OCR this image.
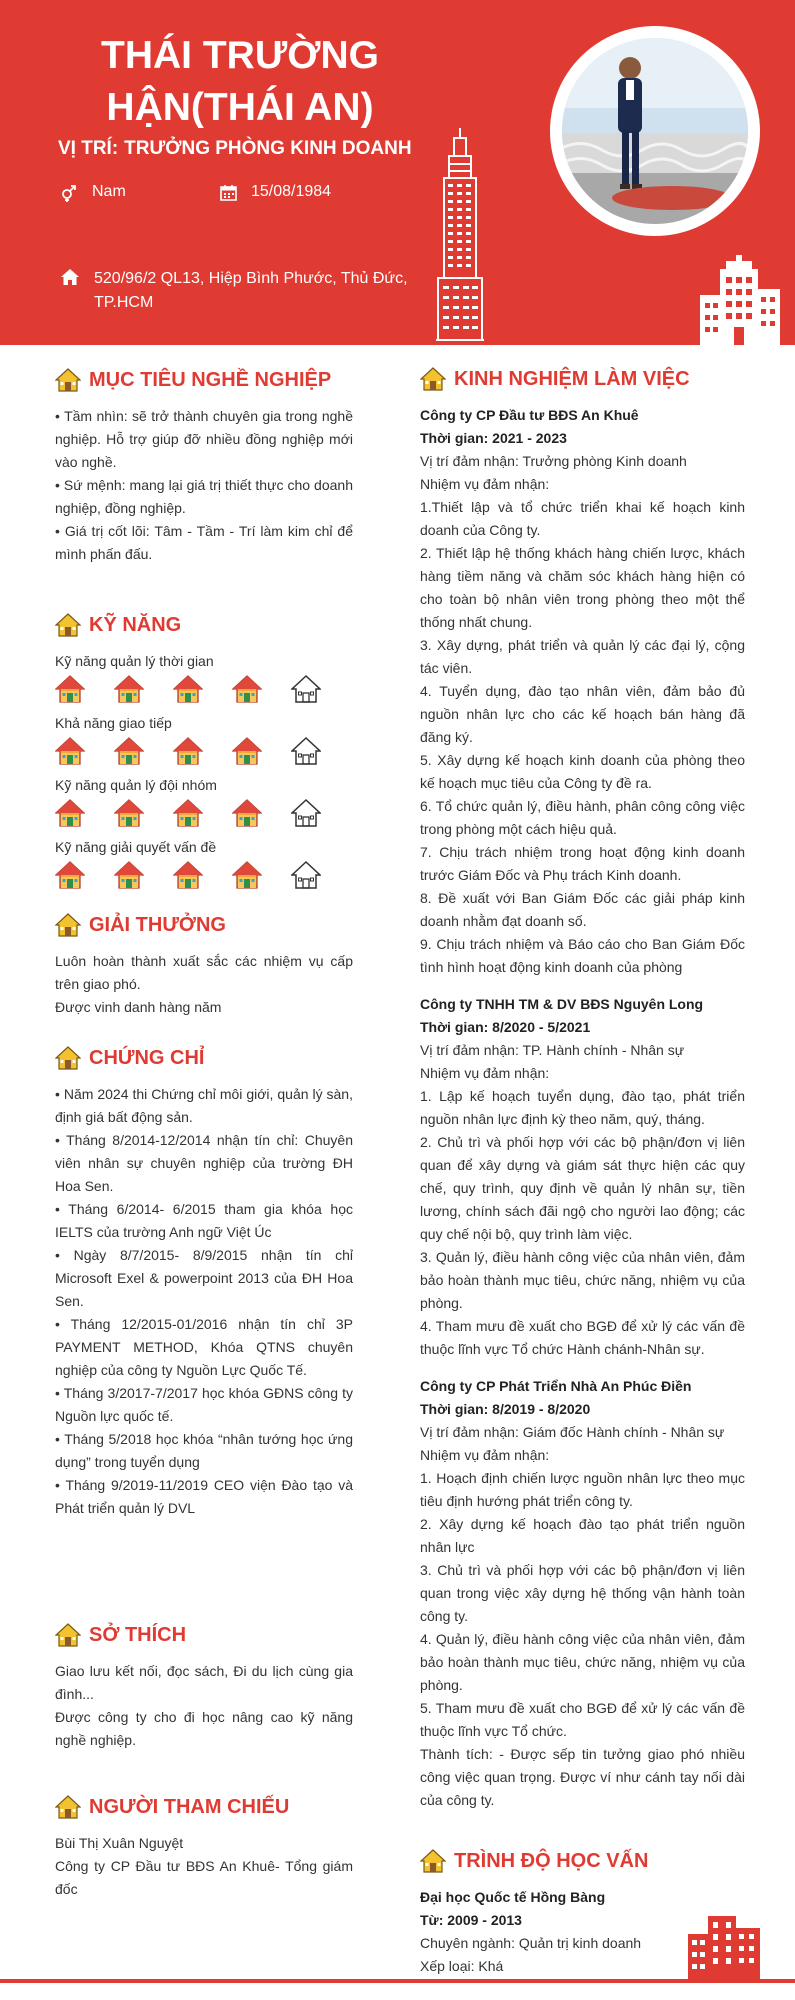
THÁI TRƯỜNG
HẬN(THÁI AN)
VỊ TRÍ: TRƯỞNG PHÒNG KINH DOANH
Nam	15/08/1984
520/96/2 QL13, Hiệp Bình Phước, Thủ Đức, TP.HCM
MỤC TIÊU NGHỀ NGHIỆP
• Tầm nhìn: sẽ trở thành chuyên gia trong nghề nghiệp. Hỗ trợ giúp đỡ nhiều đồng nghiệp mới vào nghề.
• Sứ mệnh: mang lại giá trị thiết thực cho doanh nghiệp, đồng nghiệp.
• Giá trị cốt lõi: Tâm - Tầm - Trí làm kim chỉ để mình phấn đấu.
KỸ NĂNG
Kỹ năng quản lý thời gian
Khả năng giao tiếp
Kỹ năng quản lý đội nhóm
Kỹ năng giải quyết vấn đề
GIẢI THƯỞNG
Luôn hoàn thành xuất sắc các nhiệm vụ cấp trên giao phó.
Được vinh danh hàng năm
CHỨNG CHỈ
• Năm 2024 thi Chứng chỉ môi giới, quản lý sàn, định giá bất động sản.
• Tháng 8/2014-12/2014 nhận tín chỉ: Chuyên viên nhân sự chuyên nghiệp của trường ĐH Hoa Sen.
• Tháng 6/2014- 6/2015 tham gia khóa học IELTS của trường Anh ngữ Việt Úc
• Ngày 8/7/2015- 8/9/2015 nhận tín chỉ Microsoft Exel & powerpoint 2013 của ĐH Hoa Sen.
• Tháng 12/2015-01/2016 nhận tín chỉ 3P PAYMENT METHOD, Khóa QTNS chuyên nghiệp của công ty Nguồn Lực Quốc Tế.
• Tháng 3/2017-7/2017 học khóa GĐNS công ty Nguồn lực quốc tế.
• Tháng 5/2018 học khóa “nhân tướng học ứng dụng” trong tuyển dụng
• Tháng 9/2019-11/2019 CEO viện Đào tạo và Phát triển quản lý DVL
SỞ THÍCH
Giao lưu kết nối, đọc sách, Đi du lịch cùng gia đình...
Được công ty cho đi học nâng cao kỹ năng nghề nghiệp.
NGƯỜI THAM CHIẾU
Bùi Thị Xuân Nguyệt
Công ty CP Đầu tư BĐS An Khuê- Tổng giám đốc
KINH NGHIỆM LÀM VIỆC
Công ty CP Đầu tư BĐS An Khuê
Thời gian: 2021 - 2023
Vị trí đảm nhận: Trưởng phòng Kinh doanh
Nhiệm vụ đảm nhận:
1.Thiết lập và tổ chức triển khai kế hoạch kinh doanh của Công ty.
2. Thiết lập hệ thống khách hàng chiến lược, khách hàng tiềm năng và chăm sóc khách hàng hiện có cho toàn bộ nhân viên trong phòng theo một thể thống nhất chung.
3. Xây dựng, phát triển và quản lý các đại lý, cộng tác viên.
4. Tuyển dụng, đào tạo nhân viên, đảm bảo đủ nguồn nhân lực cho các kế hoạch bán hàng đã đăng ký.
5. Xây dựng kế hoạch kinh doanh của phòng theo kế hoạch mục tiêu của Công ty đề ra.
6. Tổ chức quản lý, điều hành, phân công công việc trong phòng một cách hiệu quả.
7. Chịu trách nhiệm trong hoạt động kinh doanh trước Giám Đốc và Phụ trách Kinh doanh.
8. Đề xuất với Ban Giám Đốc các giải pháp kinh doanh nhằm đạt doanh số.
9. Chịu trách nhiệm và Báo cáo cho Ban Giám Đốc tình hình hoạt động kinh doanh của phòng
Công ty TNHH TM & DV BĐS Nguyên Long
Thời gian: 8/2020 - 5/2021
Vị trí đảm nhận: TP. Hành chính - Nhân sự
Nhiệm vụ đảm nhận:
1. Lập kế hoạch tuyển dụng, đào tạo, phát triển nguồn nhân lực định kỳ theo năm, quý, tháng.
2. Chủ trì và phối hợp với các bộ phận/đơn vị liên quan để xây dựng và giám sát thực hiện các quy chế, quy trình, quy định về quản lý nhân sự, tiền lương, chính sách đãi ngộ cho người lao động; các quy chế nội bộ, quy trình làm việc.
3. Quản lý, điều hành công việc của nhân viên, đảm bảo hoàn thành mục tiêu, chức năng, nhiệm vụ của phòng.
4. Tham mưu đề xuất cho BGĐ để xử lý các vấn đề thuộc lĩnh vực Tổ chức Hành chánh-Nhân sự.
Công ty CP Phát Triển Nhà An Phúc Điền
Thời gian: 8/2019 - 8/2020
Vị trí đảm nhận: Giám đốc Hành chính - Nhân sự
Nhiệm vụ đảm nhận:
1. Hoạch định chiến lược nguồn nhân lực theo mục tiêu định hướng phát triển công ty.
2. Xây dựng kế hoạch đào tạo phát triển nguồn nhân lực
3. Chủ trì và phối hợp với các bộ phận/đơn vị liên quan trong việc xây dựng hệ thống vận hành toàn công ty.
4. Quản lý, điều hành công việc của nhân viên, đảm bảo hoàn thành mục tiêu, chức năng, nhiệm vụ của phòng.
5. Tham mưu đề xuất cho BGĐ để xử lý các vấn đề thuộc lĩnh vực Tổ chức.
Thành tích: - Được sếp tin tưởng giao phó nhiều công việc quan trọng. Được ví như cánh tay nối dài của công ty.
TRÌNH ĐỘ HỌC VẤN
Đại học Quốc tế Hồng Bàng
Từ: 2009 - 2013
Chuyên ngành: Quản trị kinh doanh
Xếp loại: Khá
